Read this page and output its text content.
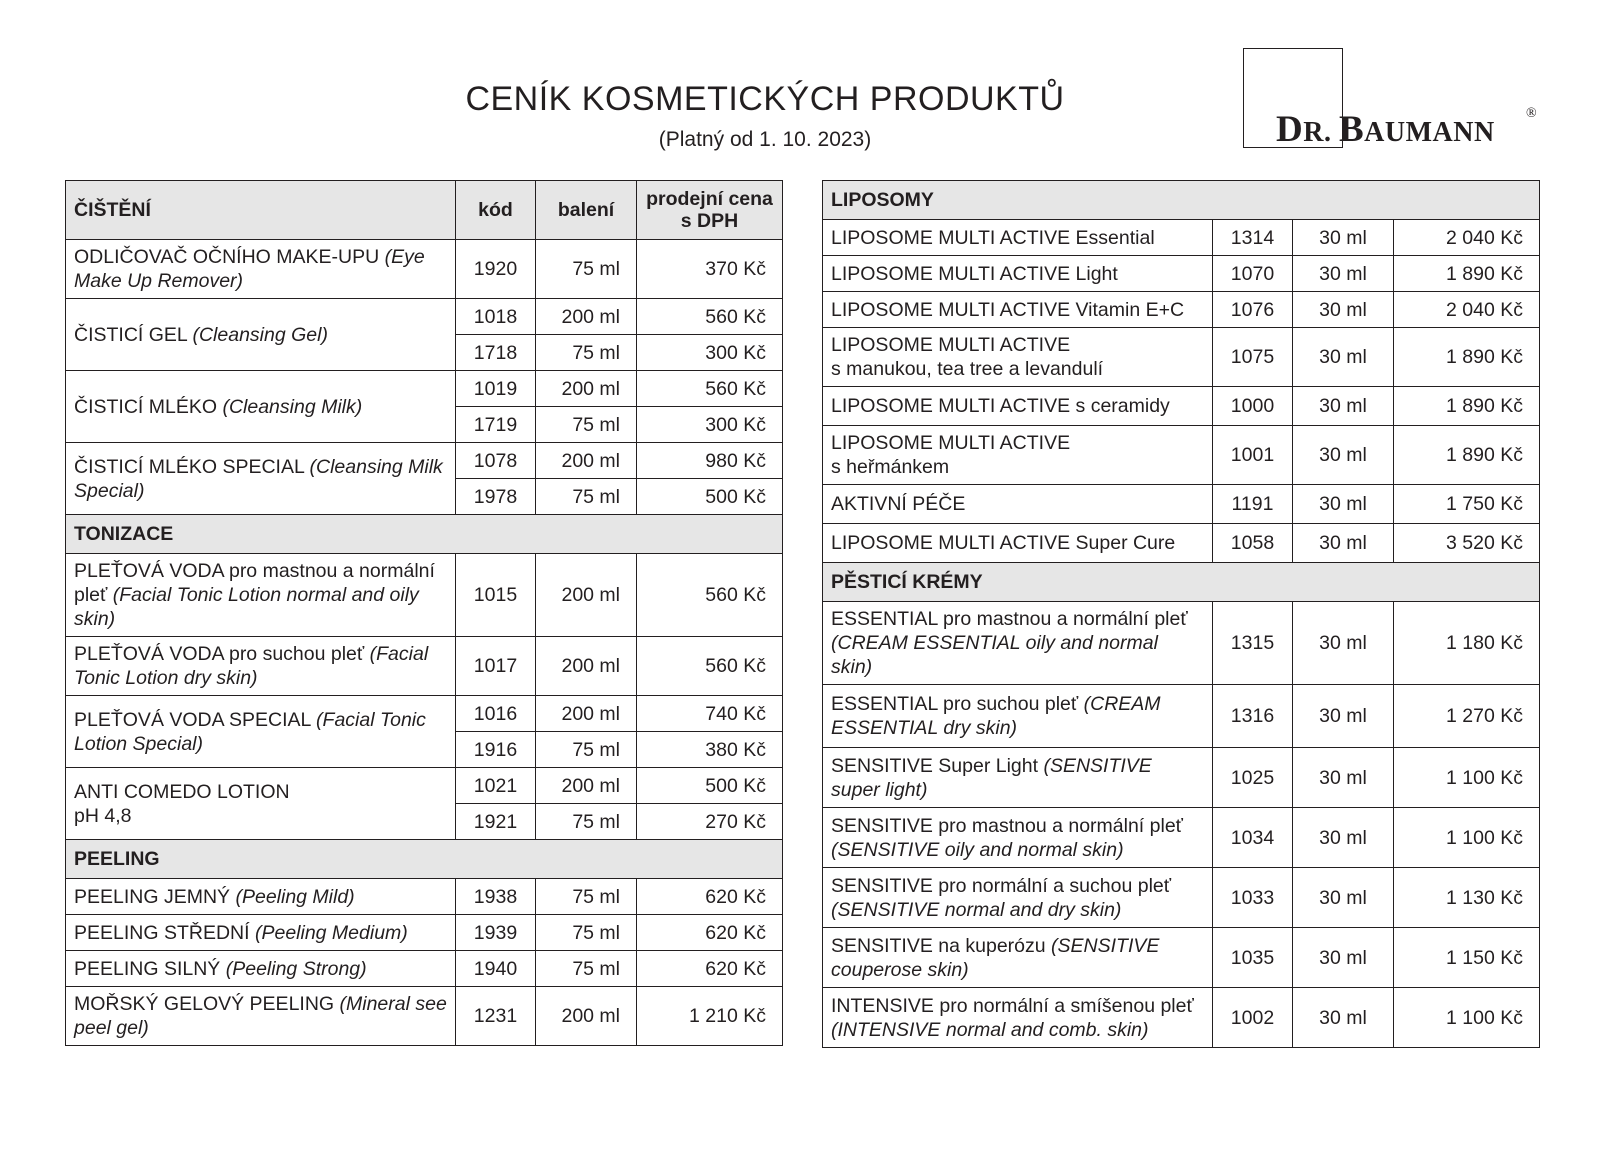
CENÍK KOSMETICKÝCH PRODUKTŮ
(Platný od 1. 10. 2023)	DR. BAUMANN
®
ČIŠTĚNÍ	kód	balení	prodejní cena
s DPH
ODLIČOVAČ OČNÍHO MAKE-UPU (Eye Make Up Remover)	1920	75 ml	370 Kč
ČISTICÍ GEL (Cleansing Gel)	1018	200 ml	560 Kč
	1718	75 ml	300 Kč
ČISTICÍ MLÉKO (Cleansing Milk)	1019	200 ml	560 Kč
	1719	75 ml	300 Kč
ČISTICÍ MLÉKO SPECIAL (Cleansing Milk Special)	1078	200 ml	980 Kč
	1978	75 ml	500 Kč
TONIZACE			
PLEŤOVÁ VODA pro mastnou a normální pleť (Facial Tonic Lotion normal and oily skin)	1015	200 ml	560 Kč
PLEŤOVÁ VODA pro suchou pleť (Facial Tonic Lotion dry skin)	1017	200 ml	560 Kč
PLEŤOVÁ VODA SPECIAL (Facial Tonic Lotion Special)	1016	200 ml	740 Kč
	1916	75 ml	380 Kč
ANTI COMEDO LOTION
pH 4,8	1021	200 ml	500 Kč
	1921	75 ml	270 Kč
PEELING			
PEELING JEMNÝ (Peeling Mild)	1938	75 ml	620 Kč
PEELING STŘEDNÍ (Peeling Medium)	1939	75 ml	620 Kč
PEELING SILNÝ (Peeling Strong)	1940	75 ml	620 Kč
MOŘSKÝ GELOVÝ PEELING (Mineral see peel gel)	1231	200 ml	1 210 Kč
LIPOSOMY			
LIPOSOME MULTI ACTIVE Essential	1314	30 ml	2 040 Kč
LIPOSOME MULTI ACTIVE Light	1070	30 ml	1 890 Kč
LIPOSOME MULTI ACTIVE Vitamin E+C	1076	30 ml	2 040 Kč
LIPOSOME MULTI ACTIVE
s manukou, tea tree a levandulí	1075	30 ml	1 890 Kč
LIPOSOME MULTI ACTIVE s ceramidy	1000	30 ml	1 890 Kč
LIPOSOME MULTI ACTIVE
s heřmánkem	1001	30 ml	1 890 Kč
AKTIVNÍ PÉČE	1191	30 ml	1 750 Kč
LIPOSOME MULTI ACTIVE Super Cure	1058	30 ml	3 520 Kč
PĚSTICÍ KRÉMY			
ESSENTIAL pro mastnou a normální pleť (CREAM ESSENTIAL oily and normal skin)	1315	30 ml	1 180 Kč
ESSENTIAL pro suchou pleť (CREAM ESSENTIAL dry skin)	1316	30 ml	1 270 Kč
SENSITIVE Super Light (SENSITIVE super light)	1025	30 ml	1 100 Kč
SENSITIVE pro mastnou a normální pleť (SENSITIVE oily and normal skin)	1034	30 ml	1 100 Kč
SENSITIVE pro normální a suchou pleť (SENSITIVE normal and dry skin)	1033	30 ml	1 130 Kč
SENSITIVE na kuperózu (SENSITIVE couperose skin)	1035	30 ml	1 150 Kč
INTENSIVE pro normální a smíšenou pleť (INTENSIVE normal and comb. skin)	1002	30 ml	1 100 Kč
